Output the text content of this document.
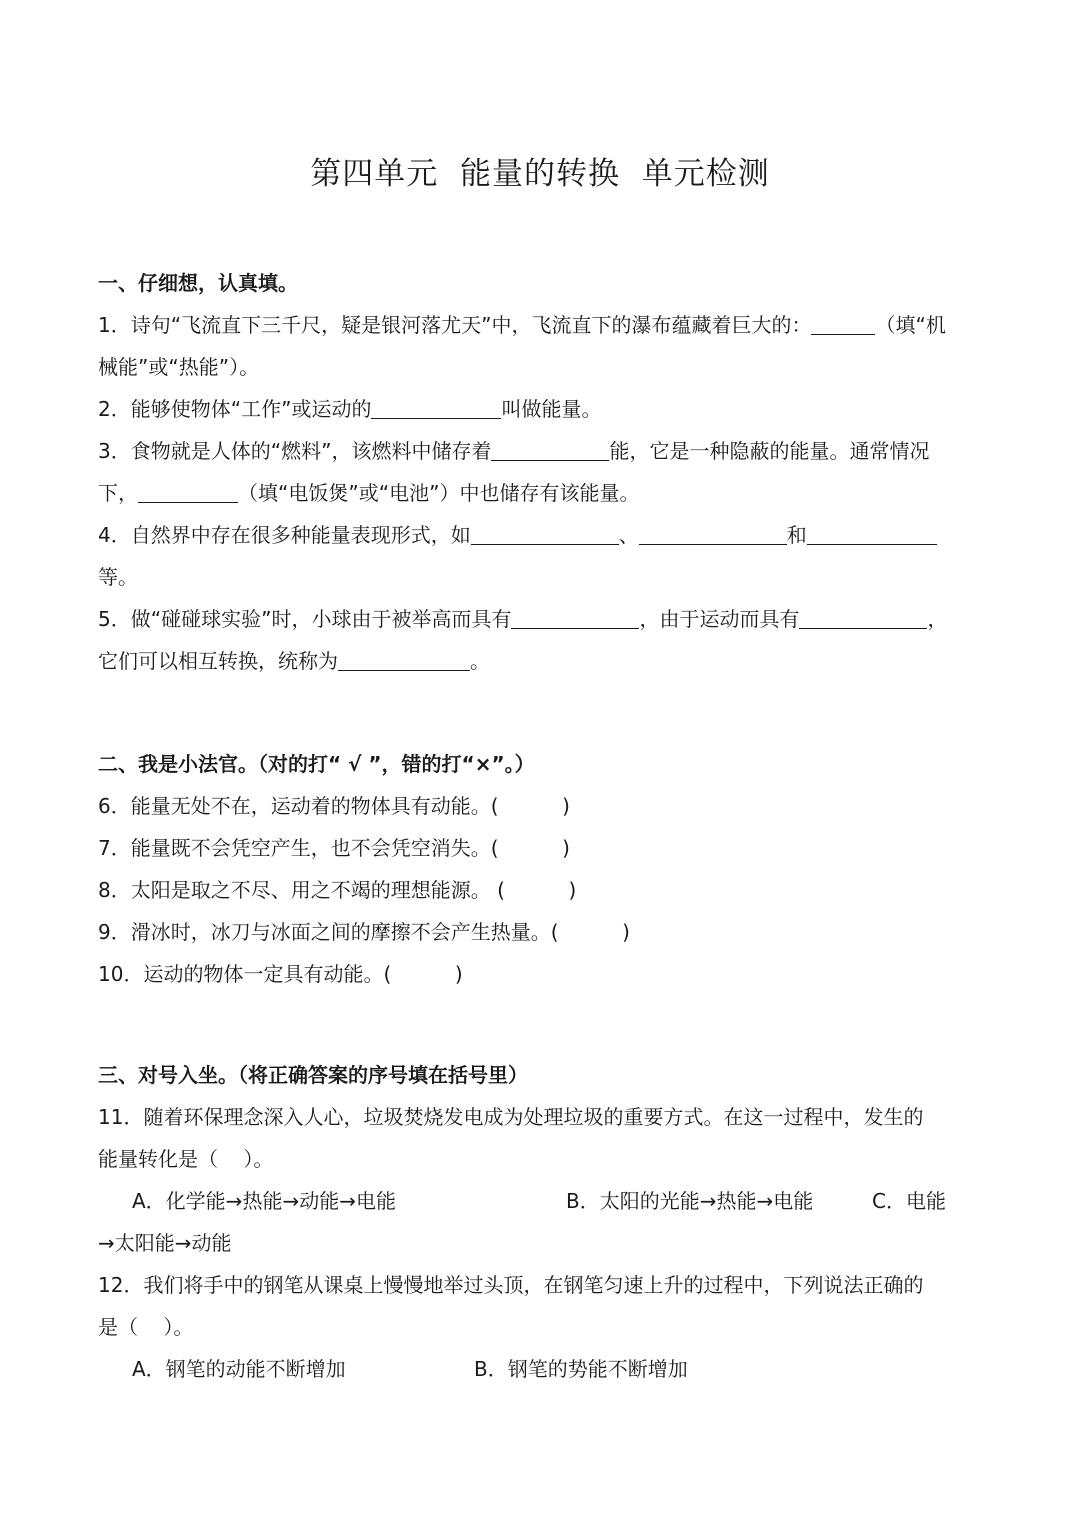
第四单元  能量的转换  单元检测
一、仔细想，认真填。
1．诗句“飞流直下三千尺，疑是银河落尤天”中，飞流直下的瀑布蕴藏着巨大的：	（填“机
械能”或“热能”）。
2．能够使物体“工作”或运动的	叫做能量。
3．食物就是人体的“燃料”，该燃料中储存着	能，它是一种隐蔽的能量。通常情况
下，	（填“电饭煲”或“电池”）中也储存有该能量。
4．自然界中存在很多种能量表现形式，如	、	和
等。
5．做“碰碰球实验”时，小球由于被举高而具有	，由于运动而具有	，
它们可以相互转换，统称为	。
二、我是小法官。（对的打“ √ ”，错的打“×”。）
6．能量无处不在，运动着的物体具有动能。(          )
7．能量既不会凭空产生，也不会凭空消失。(          )
8．太阳是取之不尽、用之不竭的理想能源。 (          )
9．滑冰时，冰刀与冰面之间的摩擦不会产生热量。(          )
10．运动的物体一定具有动能。(          )
三、对号入坐。（将正确答案的序号填在括号里）
11．随着环保理念深入人心，垃圾焚烧发电成为处理垃圾的重要方式。在这一过程中，发生的
能量转化是（    ）。
A．化学能→热能→动能→电能	B．太阳的光能→热能→电能	C．电能
→太阳能→动能
12．我们将手中的钢笔从课桌上慢慢地举过头顶，在钢笔匀速上升的过程中，下列说法正确的
是（    ）。
A．钢笔的动能不断增加	B．钢笔的势能不断增加
